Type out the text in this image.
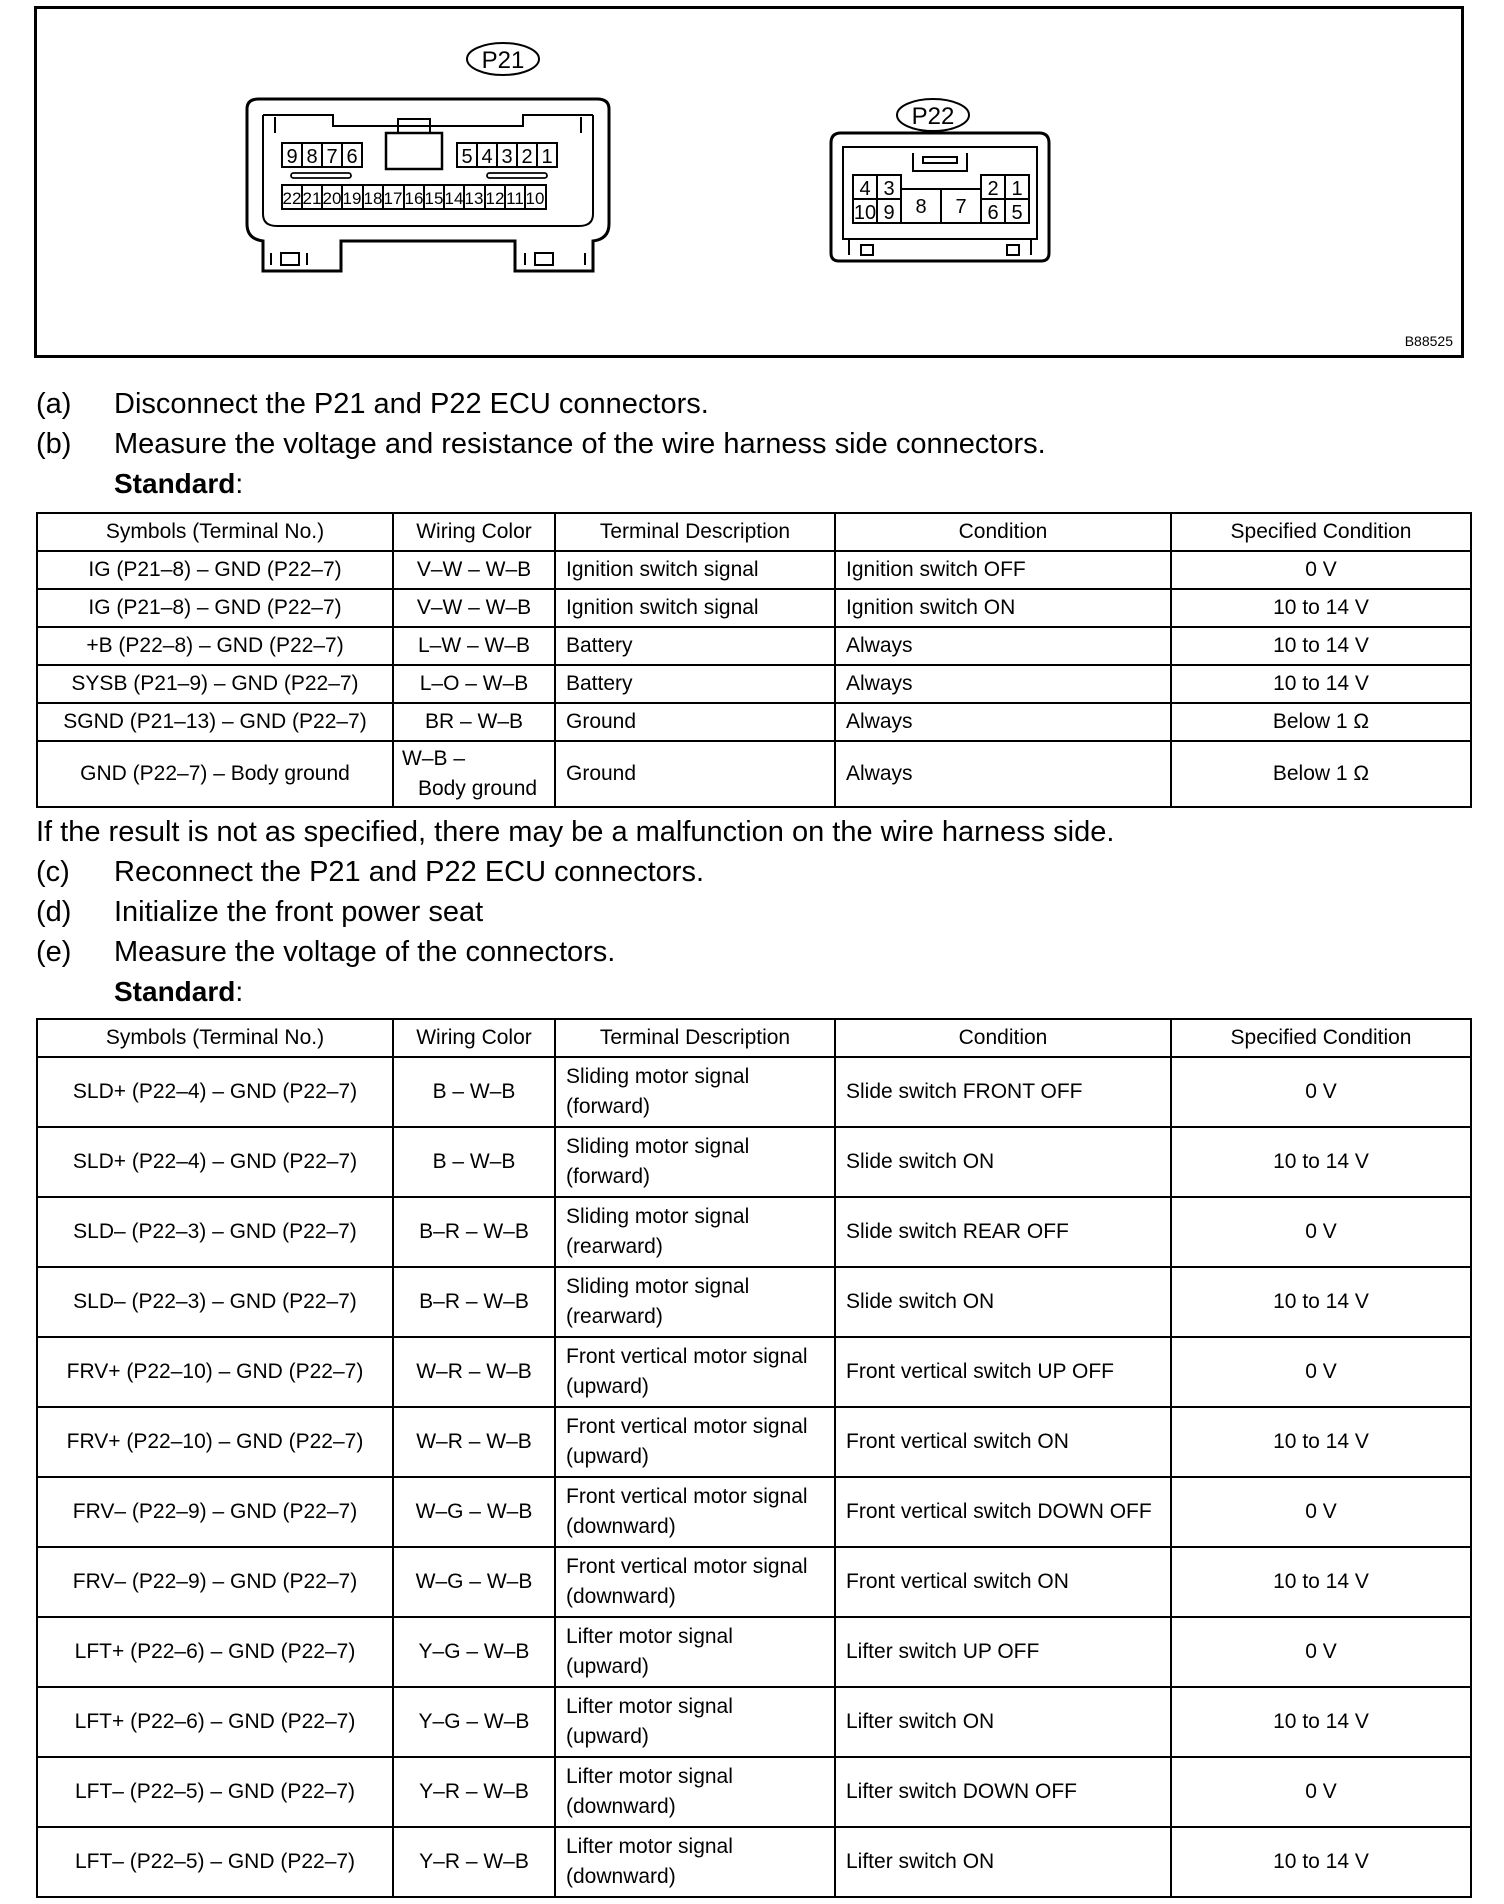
P21
9 8 7 6	5 4 3 2 1
22 21 20 19 18 17 16 15 14 13 12 11 10
P22
4 3
10 9 8 7
2 1
6 5
B88525
(a) Disconnect the P21 and P22 ECU connectors.
(b) Measure the voltage and resistance of the wire harness side connectors.
Standard:
Symbols (Terminal No.)	Wiring Color	Terminal Description	Condition	Specified Condition
IG (P21–8) – GND (P22–7)	V–W – W–B	Ignition switch signal	Ignition switch OFF	0 V
IG (P21–8) – GND (P22–7)	V–W – W–B	Ignition switch signal	Ignition switch ON	10 to 14 V
+B (P22–8) – GND (P22–7)	L–W – W–B	Battery	Always	10 to 14 V
SYSB (P21–9) – GND (P22–7)	L–O – W–B	Battery	Always	10 to 14 V
SGND (P21–13) – GND (P22–7)	BR – W–B	Ground	Always	Below 1 Ω
GND (P22–7) – Body ground	W–B –
Body ground	Ground	Always	Below 1 Ω
If the result is not as specified, there may be a malfunction on the wire harness side.
(c) Reconnect the P21 and P22 ECU connectors.
(d) Initialize the front power seat
(e) Measure the voltage of the connectors.
Standard:
Symbols (Terminal No.)	Wiring Color	Terminal Description	Condition	Specified Condition
SLD+ (P22–4) – GND (P22–7)	B – W–B	Sliding motor signal
(forward)	Slide switch FRONT OFF	0 V
SLD+ (P22–4) – GND (P22–7)	B – W–B	Sliding motor signal
(forward)	Slide switch ON	10 to 14 V
SLD– (P22–3) – GND (P22–7)	B–R – W–B	Sliding motor signal
(rearward)	Slide switch REAR OFF	0 V
SLD– (P22–3) – GND (P22–7)	B–R – W–B	Sliding motor signal
(rearward)	Slide switch ON	10 to 14 V
FRV+ (P22–10) – GND (P22–7)	W–R – W–B	Front vertical motor signal
(upward)	Front vertical switch UP OFF	0 V
FRV+ (P22–10) – GND (P22–7)	W–R – W–B	Front vertical motor signal
(upward)	Front vertical switch ON	10 to 14 V
FRV– (P22–9) – GND (P22–7)	W–G – W–B	Front vertical motor signal
(downward)	Front vertical switch DOWN OFF	0 V
FRV– (P22–9) – GND (P22–7)	W–G – W–B	Front vertical motor signal
(downward)	Front vertical switch ON	10 to 14 V
LFT+ (P22–6) – GND (P22–7)	Y–G – W–B	Lifter motor signal
(upward)	Lifter switch UP OFF	0 V
LFT+ (P22–6) – GND (P22–7)	Y–G – W–B	Lifter motor signal
(upward)	Lifter switch ON	10 to 14 V
LFT– (P22–5) – GND (P22–7)	Y–R – W–B	Lifter motor signal
(downward)	Lifter switch DOWN OFF	0 V
LFT– (P22–5) – GND (P22–7)	Y–R – W–B	Lifter motor signal
(downward)	Lifter switch ON	10 to 14 V
